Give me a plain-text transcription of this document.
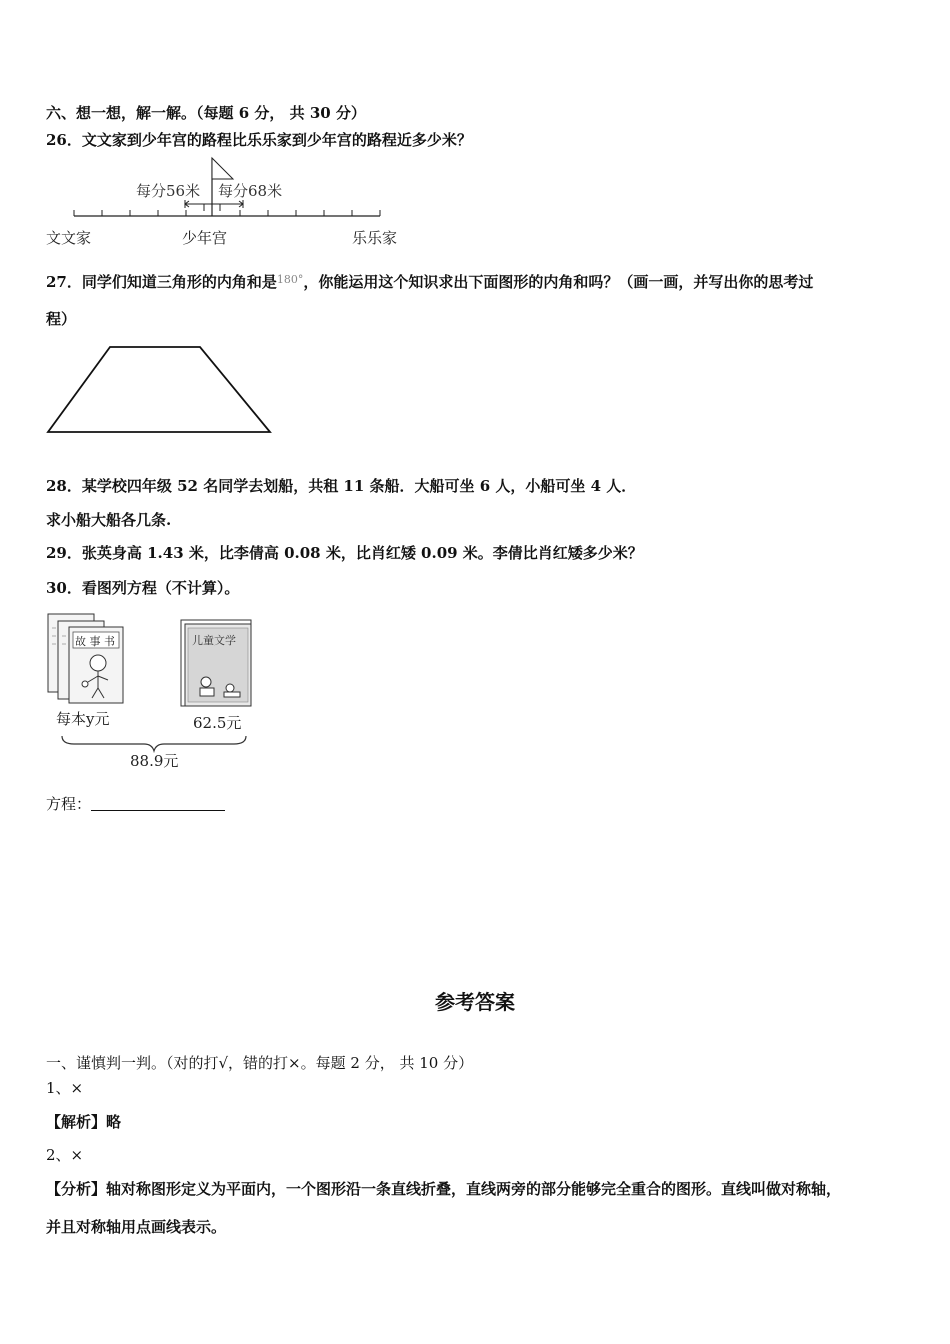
六、想一想，解一解。（每题 6 分， 共 30 分）
26．文文家到少年宫的路程比乐乐家到少年宫的路程近多少米？
每分56米 每分68米
文文家	少年宫	乐乐家
27．同学们知道三角形的内角和是$^{180^\circ}$，你能运用这个知识求出下面图形的内角和吗？（画一画，并写出你的思考过
程）
28．某学校四年级 52 名同学去划船，共租 11 条船．大船可坐 6 人，小船可坐 4 人．
求小船大船各几条.
29．张英身高 1.43 米，比李倩高 0.08 米，比肖红矮 0.09 米。李倩比肖红矮多少米？
30．看图列方程（不计算）。
故 事 书	儿童文学
每本y元	62.5元
88.9元
方程：
参考答案
一、谨慎判一判。（对的打√，错的打×。每题 2 分， 共 10 分）
1、×
【解析】略
2、×
【分析】轴对称图形定义为平面内，一个图形沿一条直线折叠，直线两旁的部分能够完全重合的图形。直线叫做对称轴，
并且对称轴用点画线表示。
